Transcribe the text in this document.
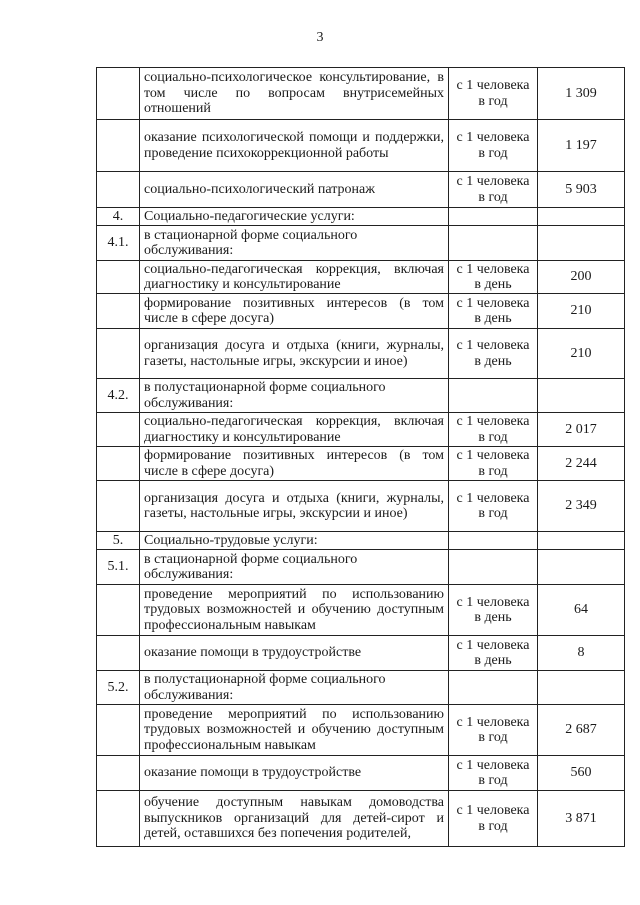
3
	социально-психологическое консультирование, в том числе по вопросам внутрисемейных отношений	с 1 человека в год	1 309
	оказание психологической помощи и поддержки, проведение психокоррекционной работы	с 1 человека в год	1 197
	социально-психологический патронаж	с 1 человека в год	5 903
4.	Социально-педагогические услуги:		
4.1.	в стационарной форме социального обслуживания:		
	социально-педагогическая коррекция, включая диагностику и консультирование	с 1 человека в день	200
	формирование позитивных интересов (в том числе в сфере досуга)	с 1 человека в день	210
	организация досуга и отдыха (книги, журналы, газеты, настольные игры, экскурсии и иное)	с 1 человека в день	210
4.2.	в полустационарной форме социального обслуживания:		
	социально-педагогическая коррекция, включая диагностику и консультирование	с 1 человека в год	2 017
	формирование позитивных интересов (в том числе в сфере досуга)	с 1 человека в год	2 244
	организация досуга и отдыха (книги, журналы, газеты, настольные игры, экскурсии и иное)	с 1 человека в год	2 349
5.	Социально-трудовые услуги:		
5.1.	в стационарной форме социального обслуживания:		
	проведение мероприятий по использованию трудовых возможностей и обучению доступным профессиональным навыкам	с 1 человека в день	64
	оказание помощи в трудоустройстве	с 1 человека в день	8
5.2.	в полустационарной форме социального обслуживания:		
	проведение мероприятий по использованию трудовых возможностей и обучению доступным профессиональным навыкам	с 1 человека в год	2 687
	оказание помощи в трудоустройстве	с 1 человека в год	560
	обучение доступным навыкам домоводства выпускников организаций для детей-сирот и детей, оставшихся без попечения родителей,	с 1 человека в год	3 871
